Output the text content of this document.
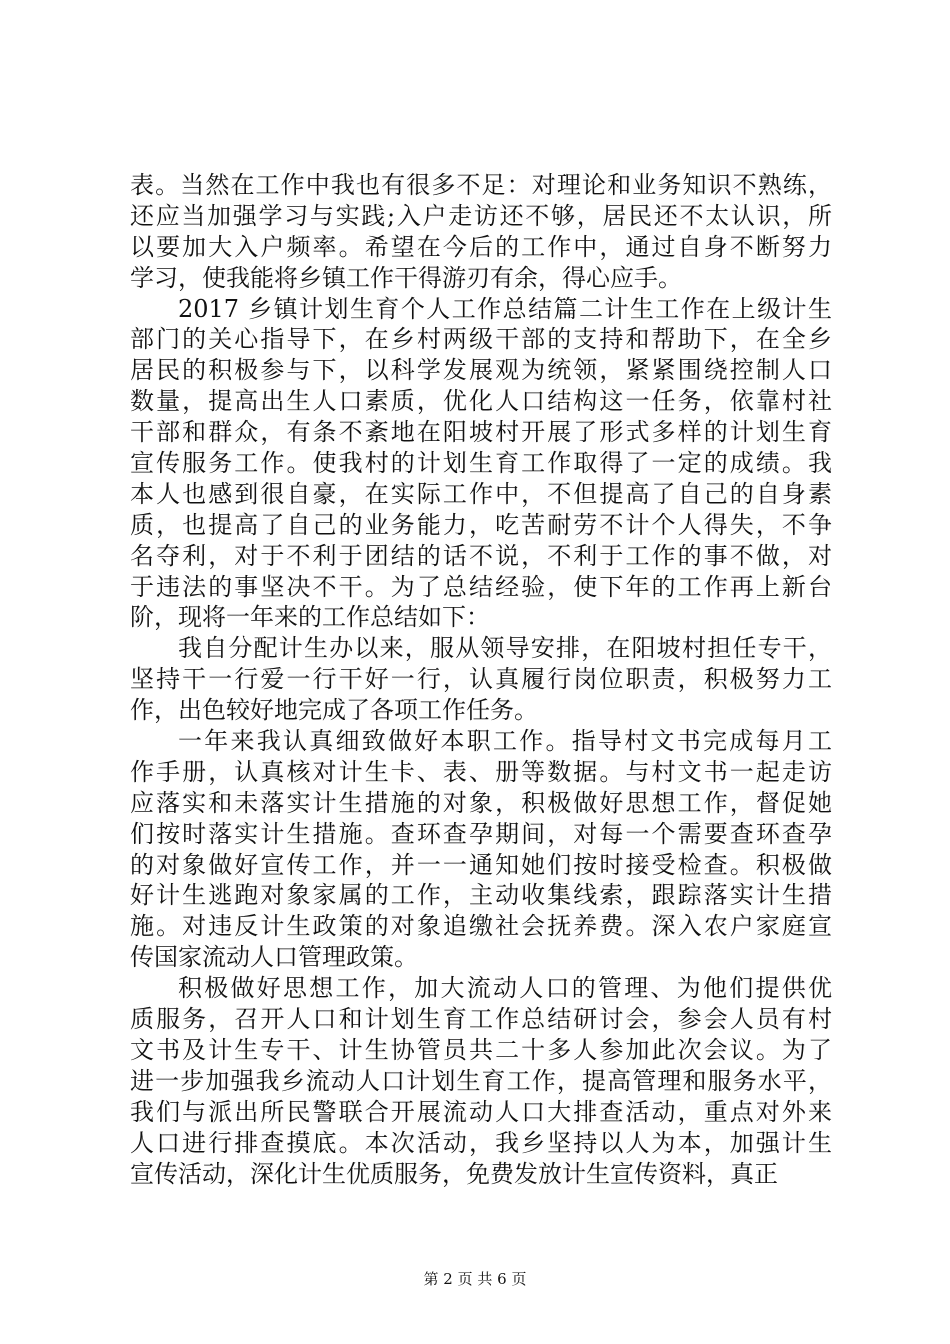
表。当然在工作中我也有很多不足：对理论和业务知识不熟练，
还应当加强学习与实践;入户走访还不够，居民还不太认识，所
以要加大入户频率。希望在今后的工作中，通过自身不断努力
学习，使我能将乡镇工作干得游刃有余，得心应手。
2017 乡镇计划生育个人工作总结篇二计生工作在上级计生
部门的关心指导下，在乡村两级干部的支持和帮助下，在全乡
居民的积极参与下，以科学发展观为统领，紧紧围绕控制人口
数量，提高出生人口素质，优化人口结构这一任务，依靠村社
干部和群众，有条不紊地在阳坡村开展了形式多样的计划生育
宣传服务工作。使我村的计划生育工作取得了一定的成绩。我
本人也感到很自豪，在实际工作中，不但提高了自己的自身素
质，也提高了自己的业务能力，吃苦耐劳不计个人得失，不争
名夺利，对于不利于团结的话不说，不利于工作的事不做，对
于违法的事坚决不干。为了总结经验，使下年的工作再上新台
阶，现将一年来的工作总结如下：
我自分配计生办以来，服从领导安排，在阳坡村担任专干，
坚持干一行爱一行干好一行，认真履行岗位职责，积极努力工
作，出色较好地完成了各项工作任务。
一年来我认真细致做好本职工作。指导村文书完成每月工
作手册，认真核对计生卡、表、册等数据。与村文书一起走访
应落实和未落实计生措施的对象，积极做好思想工作，督促她
们按时落实计生措施。查环查孕期间，对每一个需要查环查孕
的对象做好宣传工作，并一一通知她们按时接受检查。积极做
好计生逃跑对象家属的工作，主动收集线索，跟踪落实计生措
施。对违反计生政策的对象追缴社会抚养费。深入农户家庭宣
传国家流动人口管理政策。
积极做好思想工作，加大流动人口的管理、为他们提供优
质服务，召开人口和计划生育工作总结研讨会，参会人员有村
文书及计生专干、计生协管员共二十多人参加此次会议。为了
进一步加强我乡流动人口计划生育工作，提高管理和服务水平，
我们与派出所民警联合开展流动人口大排查活动，重点对外来
人口进行排查摸底。本次活动，我乡坚持以人为本，加强计生
宣传活动，深化计生优质服务，免费发放计生宣传资料，真正
第 2 页 共 6 页
